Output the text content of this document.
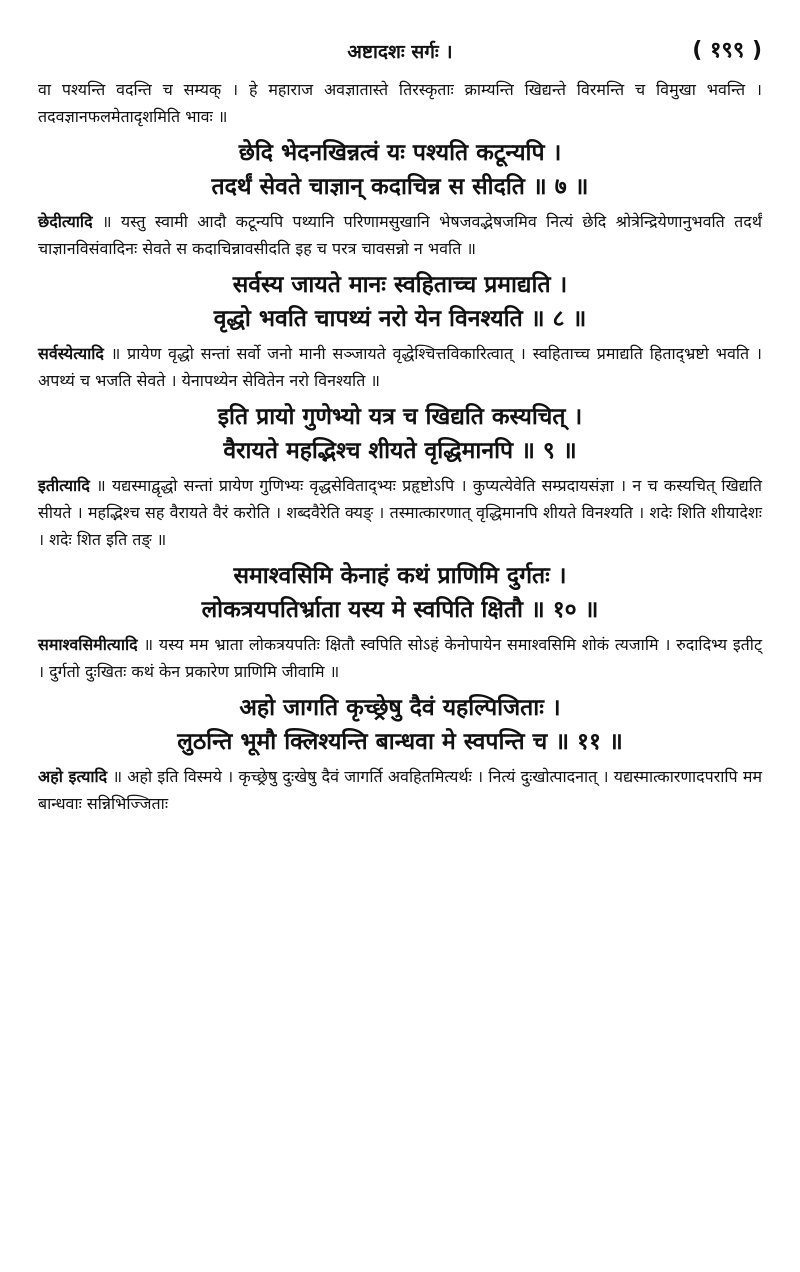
अष्टादशः सर्गः ।	( १९९ )

वा पश्यन्ति वदन्ति च सम्यक् । हे महाराज अवज्ञातास्ते तिरस्कृताः क्राम्यन्ति खिद्यन्ते विरमन्ति च विमुखा भवन्ति । तदवज्ञानफलमेतादृशमिति भावः ॥

छेदि भेदनखिन्नत्वं यः पश्यति कटून्यपि ।
तदर्थं सेवते चाज्ञान् कदाचिन्न स सीदति ॥ ७ ॥

छेदीत्यादि ॥ यस्तु स्वामी आदौ कटून्यपि पथ्यानि परिणामसुखानि भेषजवद्भेषजमिव नित्यं छेदि श्रोत्रेन्द्रियेणानुभवति तदर्थं चाज्ञानविसंवादिनः सेवते स कदाचिन्नावसीदति इह च परत्र चावसन्नो न भवति ॥

सर्वस्य जायते मानः स्वहिताच्च प्रमाद्यति ।
वृद्धो भवति चापथ्यं नरो येन विनश्यति ॥ ८ ॥

सर्वस्येत्यादि ॥ प्रायेण वृद्धो सन्तां सर्वो जनो मानी सञ्जायते वृद्धेश्चित्तविकारित्वात् । स्वहिताच्च प्रमाद्यति हिताद्भ्रष्टो भवति । अपथ्यं च भजति सेवते । येनापथ्येन सेवितेन नरो विनश्यति ॥

इति प्रायो गुणेभ्यो यत्र च खिद्यति कस्यचित् ।
वैरायते महद्भिश्च शीयते वृद्धिमानपि ॥ ९ ॥

इतीत्यादि ॥ यद्यस्माद्वृद्धो सन्तां प्रायेण गुणिभ्यः वृद्धसेविताद्भ्यः प्रहृष्टोऽपि । कुप्यत्येवेति सम्प्रदायसंज्ञा । न च कस्यचित् खिद्यति सीयते । महद्भिश्च सह वैरायते वैरं करोति । शब्दवैरेति क्यङ् । तस्मात्कारणात् वृद्धिमानपि शीयते विनश्यति । शदेः शिति शीयादेशः । शदेः शित इति तङ् ॥

समाश्वसिमि केनाहं कथं प्राणिमि दुर्गतः ।
लोकत्रयपतिर्भ्राता यस्य मे स्वपिति क्षितौ ॥ १० ॥

समाश्वसिमीत्यादि ॥ यस्य मम भ्राता लोकत्रयपतिः क्षितौ स्वपिति सोऽहं केनोपायेन समाश्वसिमि शोकं त्यजामि । रुदादिभ्य इतीट् । दुर्गतो दुःखितः कथं केन प्रकारेण प्राणिमि जीवामि ॥

अहो जागति कृच्छ्रेषु दैवं यहल्पिजिताः ।
लुठन्ति भूमौ क्लिश्यन्ति बान्धवा मे स्वपन्ति च ॥ ११ ॥

अहो इत्यादि ॥ अहो इति विस्मये । कृच्छ्रेषु दुःखेषु दैवं जागर्ति अवहितमित्यर्थः । नित्यं दुःखोत्पादनात् । यद्यस्मात्कारणादपरापि मम बान्धवाः सन्निभिज्जिताः
